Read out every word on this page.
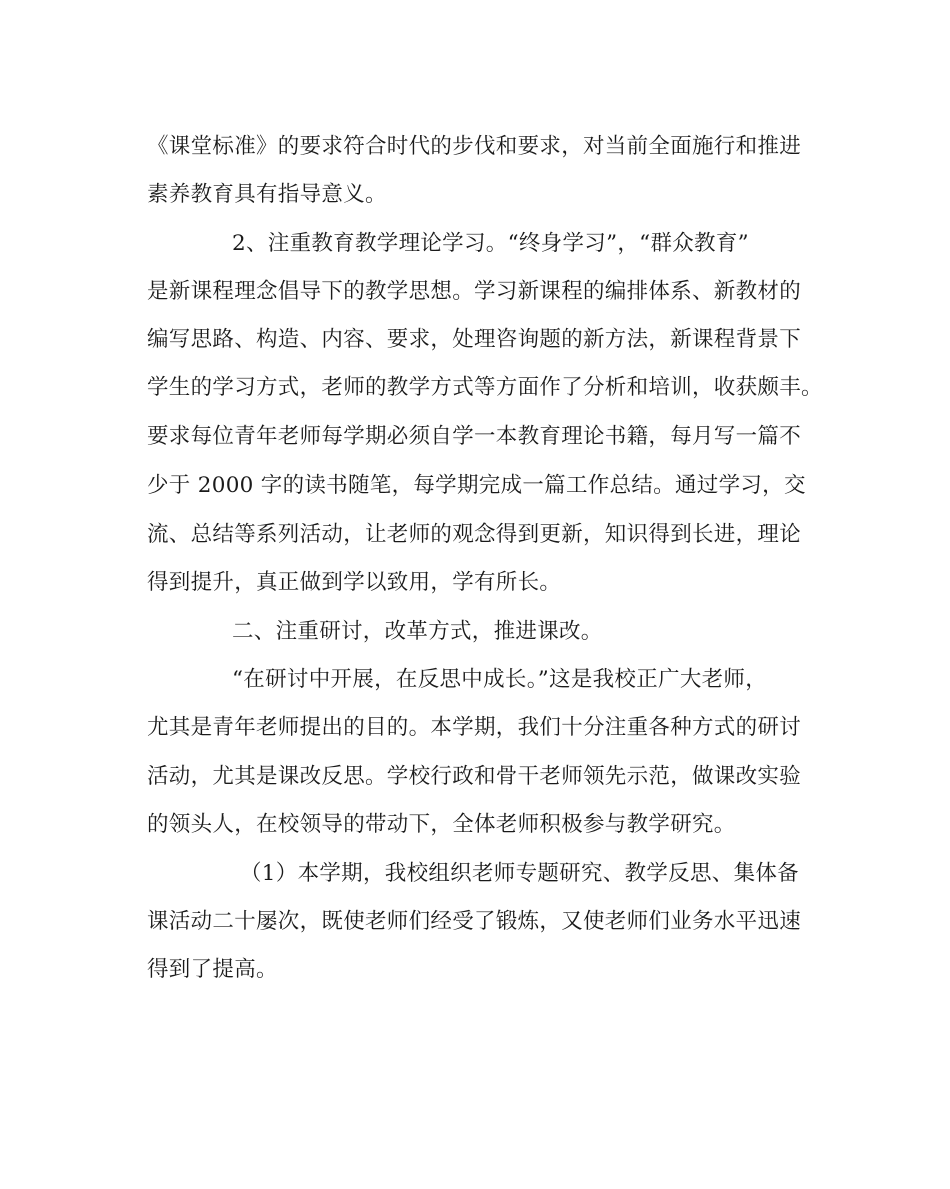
《课堂标准》的要求符合时代的步伐和要求，对当前全面施行和推进

素养教育具有指导意义。

2、注重教育教学理论学习。“终身学习”，“群众教育”

是新课程理念倡导下的教学思想。学习新课程的编排体系、新教材的

编写思路、构造、内容、要求，处理咨询题的新方法，新课程背景下

学生的学习方式，老师的教学方式等方面作了分析和培训，收获颇丰。

要求每位青年老师每学期必须自学一本教育理论书籍，每月写一篇不

少于 2000 字的读书随笔，每学期完成一篇工作总结。通过学习，交

流、总结等系列活动，让老师的观念得到更新，知识得到长进，理论

得到提升，真正做到学以致用，学有所长。

二、注重研讨，改革方式，推进课改。

“在研讨中开展，在反思中成长。”这是我校正广大老师，

尤其是青年老师提出的目的。本学期，我们十分注重各种方式的研讨

活动，尤其是课改反思。学校行政和骨干老师领先示范，做课改实验

的领头人，在校领导的带动下，全体老师积极参与教学研究。

（1）本学期，我校组织老师专题研究、教学反思、集体备

课活动二十屡次，既使老师们经受了锻炼，又使老师们业务水平迅速

得到了提高。
